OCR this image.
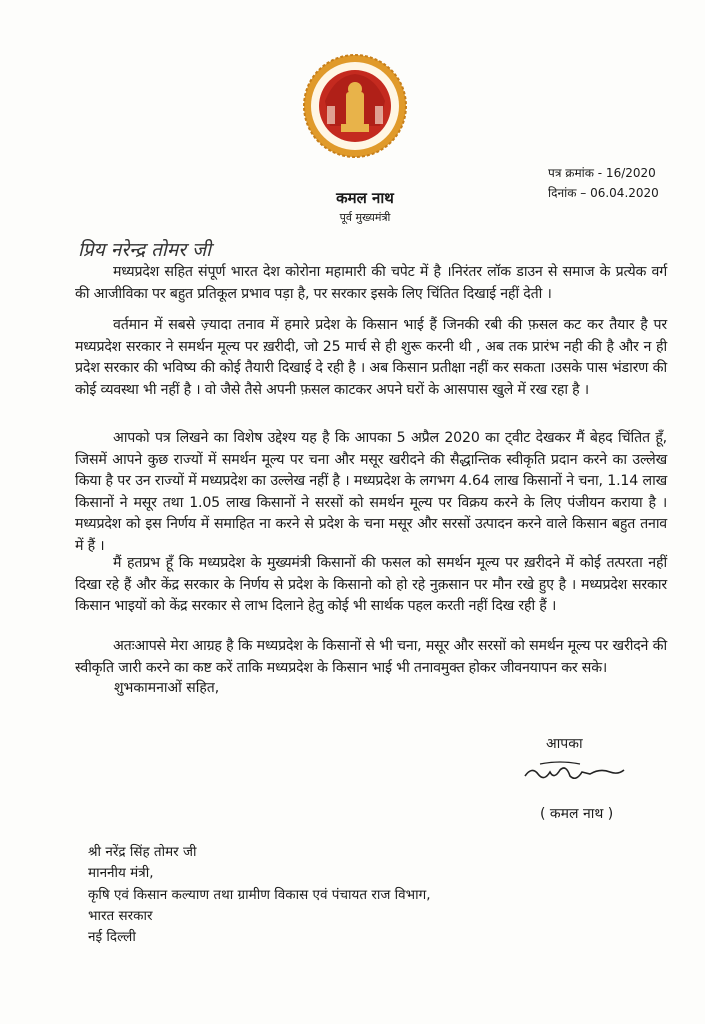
पत्र क्रमांक - 16/2020
दिनांक – 06.04.2020
कमल नाथ
पूर्व मुख्यमंत्री
प्रिय नरेन्द्र तोमर जी
मध्यप्रदेश सहित संपूर्ण भारत देश कोरोना महामारी की चपेट में है ।निरंतर लॉक डाउन से समाज के प्रत्येक वर्ग की आजीविका पर बहुत प्रतिकूल प्रभाव पड़ा है, पर सरकार इसके लिए चिंतित दिखाई नहीं देती ।
वर्तमान में सबसे ज़्यादा तनाव में हमारे प्रदेश के किसान भाई हैं जिनकी रबी की फ़सल कट कर तैयार है पर मध्यप्रदेश सरकार ने समर्थन मूल्य पर ख़रीदी, जो 25 मार्च से ही शुरू करनी थी , अब तक प्रारंभ नही की है और न ही प्रदेश सरकार की भविष्य की कोई तैयारी दिखाई दे रही है । अब किसान प्रतीक्षा नहीं कर सकता ।उसके पास भंडारण की कोई व्यवस्था भी नहीं है । वो जैसे तैसे अपनी फ़सल काटकर अपने घरों के आसपास खुले में रख रहा है ।
आपको पत्र लिखने का विशेष उद्देश्य यह है कि आपका 5 अप्रैल 2020 का ट्वीट देखकर मैं बेहद चिंतित हूँ, जिसमें आपने कुछ राज्यों में समर्थन मूल्य पर चना और मसूर खरीदने की सैद्धान्तिक स्वीकृति प्रदान करने का उल्लेख किया है पर उन राज्यों में मध्यप्रदेश का उल्लेख नहीं है । मध्यप्रदेश के लगभग 4.64 लाख किसानों ने चना, 1.14 लाख किसानों ने मसूर तथा 1.05 लाख किसानों ने सरसों को समर्थन मूल्य पर विक्रय करने के लिए पंजीयन कराया है ।मध्यप्रदेश को इस निर्णय में समाहित ना करने से प्रदेश के चना मसूर और सरसों उत्पादन करने वाले किसान बहुत तनाव में हैं ।
मैं हतप्रभ हूँ कि मध्यप्रदेश के मुख्यमंत्री किसानों की फसल को समर्थन मूल्य पर ख़रीदने में कोई तत्परता नहीं दिखा रहे हैं और केंद्र सरकार के निर्णय से प्रदेश के किसानो को हो रहे नुक़सान पर मौन रखे हुए है । मध्यप्रदेश सरकार किसान भाइयों को केंद्र सरकार से लाभ दिलाने हेतु कोई भी सार्थक पहल करती नहीं दिख रही हैं ।
अतःआपसे मेरा आग्रह है कि मध्यप्रदेश के किसानों से भी चना, मसूर और सरसों को समर्थन मूल्य पर खरीदने की स्वीकृति जारी करने का कष्ट करें ताकि मध्यप्रदेश के किसान भाई भी तनावमुक्त होकर जीवनयापन कर सके।
शुभकामनाओं सहित,
आपका
( कमल नाथ )
श्री नरेंद्र सिंह तोमर जी
माननीय मंत्री,
कृषि एवं किसान कल्याण तथा ग्रामीण विकास एवं पंचायत राज विभाग,
भारत सरकार
नई दिल्ली
